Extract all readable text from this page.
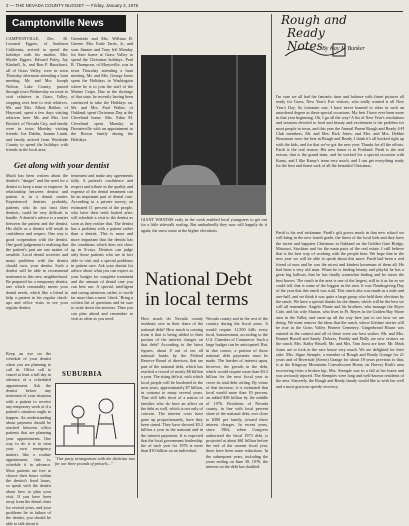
2 — THE NEVADA COUNTY NUGGET — Friday, January 2, 1976
Camptonville News
CAMPTONVILLE, Dec. 30. Leonard Eggers, of Southern California, arrived to spend the holidays with his mother, Mrs. Myrtle Eggers. Edward Foley, Jay Kimbell, Jr., and Ron P. Hauxhurst, all of Grass Valley, were in town Thursday afternoon attending a hunt meeting. Mr. and Mrs. Joseph Nelson, Lake County, passed through town Wednesday en route to visit relatives in Grass Valley, stopping over here to visit relatives. Mr. and Mrs. Albert Bebber, of Hayward, spent a few days visiting relatives here. Mr. and Mrs. Lee Bechtel, of Nevada City, and family were in town Monday visiting friends. Joe Dahlin, Joanne Lamb, and family arrived from Woodside County to spend the holidays with friends in the local area.
Greenlade and Mrs. William R. Greene. Mrs. Earle Tarris, Jr., and sons Jimmie and Tony left Monday for their home at Grass Valley to spend the Christmas holidays. Paul R. Thompson, of Marysville, was in town Thursday attending a hunt meeting. Mr. and Mrs. George Jones spent the Holidays in Washington where he is to join the staff of the Marine Corps. Due to the shortage of that state, he recently having been convinced to take the Holidays on. Mr. and Mrs. Paul Walter, of Oakland, spent Christmas Day at the Cleveland home. Mrs. Edna M. Cleveland spent Monday in Downieville with an appointment to the Brown family during the Holidays.
Get along with your dentist
Much has been written about the dentist's "danger" and the need for a dentist to keep a man or improve. In relationship between dentist and patient is in a dental matter. Experienced dentists probably, patients who do not trust their dentists, could be very difficult to handle. A dentist's advice is a matter between the patient and the dentist. His skills as a dentist will result in confidence and respect. One way is good cooperation with the dentist. One good judgement is realizing that the patient's part are one matter of sensible. Local dental societies and many problems with the dentist should own, your dentist. Such a dentist will be able to recommend treatment in this new neighborhood. Be prepared for a temporary dentist, one which reasonably meets your dental needs, which like a friend to help a patient in his regular check-ups and office visits to see your regular dentist.
Keep an eye on the schedule of your dentist when you are planning to call in. Office call to cancel at least a full day in advance of a scheduled appointment. Ask the dentist before any treatment of your situation with a patient to receive any temporary work or if a patient's situation ought to happen. An understanding about payment should be reached between office patients that are planning your appointments. One way to do it is to treat your own emergency matters like a routine appointment, that is, schedule it in advance. Most patients are free to choose their hours within the dentist's fixed hours, so speak with the dentist about how to plan your visit. If you have been away from the dental chair for several years, and your problems lie in failure of the dentist, you should be able to talk about it.
treatment and make any agreements fully. A patient's confidence and respect and tribute in the quality and expense of the dental treatment can be an important part of dental care. According to a private survey, an estimated 11 percent of the people, who have their teeth looked after, will schedule a visit to the dentist as soon as they realize that. The dentist has a problem with a patient rather than a dentist. This is more and more important that the dentist has the conditions which does not show up in X-rays. Dentists can judge only those patients who are in fact able to visit and a special problems in patient care. Ask your dentist for advice about what you can expect as your budget for complete treatment and the amount of dental care you can best use. A special, intelligent and caring attention, rather, is worth far more than a mere 'check.' Bring a written list of questions and be sure to write down the answers. Then you can plan ahead and remember to visit as often as you need.
SUBURBIA
"Our party arrangement with the dietician was for our three pounds of pretzels..."
GIANT WHATSIS early in the week enabled local youngsters to get out for a little sidewalk surfing. But undoubtedly they now will happily do it again; the snow more at the higher elevations.
National Debt in local terms
How much do Nevada county residents owe as their share of the national debt? How much is coming from it that is being added to their portion of the interest charges on that debt? According to the latest figures, about 8 out of ten all national banks by the Federal Reserve Board of directors, that are part of the national debt, which has reached a record of nearly $8 billion a year. The rising deficit, with which local people will be burdened in the near years, approximately $7 billion, in contrast to many several years. That still falls short of a nation of families who do have an affect on the debt as well, which is not only of concern. The interest costs have gone up proportionately, have they been stated. They have showed $5.2 billion a year in the national and in the interest payments. It is expected that the local government leadership, the of each year for 1976 is more than $10 billion on an individual.
Nevada county and in the rest of the country during the fiscal years. It would require 11,500 bills every local, businessman, according to the U.S. Chamber of Commerce. Such a large budget can be anticipated. But, in due course, a portion of those national debt payments must be made. The burden of interest upon, however, the growth in the debt, which would require more than $3.3 billion for the next fiscal year to cover its total debt ceiling. By virtue of that increase, it is estimated that local would more than 10 percent, an added $30 billion by the middle of 1976. Residents of Nevada county, in line with local percent share of the national debt, owe close to $300 per family, toward these interest charges. In recent years, since 1962, when Congress authorized the fiscal 1973 debt, is projected at about $61 billion before the end of the current fiscal year, there have been some reductions. In the subsequent years, including the years ending on June 30, 1976, the interest on the debt has doubled.
Rough and
Ready Notes By Kay M Bunker
I'm sure we all had the fantastic time and balance with finest pictures all ready for Grass, New Year's Eve visitors, who really wanted it all New Year's Day. So fortunate one, I have never learned to relax in such an unordered degree as these special occasions. My best I have ever been more in that year beginning. Oh, I go all the way! A list of New Year's resolutions and sessions devoted to food and beauty and excitement is the problem for most people in town, and this year the Annual Parent Rough and Ready 4-H Club members, Mr. and Mrs. Rick Jones, and Mrs. and Mrs. Debbie Beaumont were the best in Rough and Ready. I think it's all hooked right up with the kids, and for that we've got the new year. Thanks for all the efforts. Pardi is the real reason. His new home is in Portland. Pardi is the real reason, that is the grand slam, and he worked for a special occasion with Kamy, and I like Kamy's team very much, and I can get everything ready for the best and finest sack of all the beautiful Christmas.
Pardi is his real nickname. Pardi's gift grows much in that new school we will bring in the new fourth grade, the finest of the local kids and they have the nicest and happiest Christmas in Oakland on the Golden Gate Bridge, Missouri, Stockton and for the main parts of the real estate. I still believe that is the best way of working with the people here. We hope that in the new year we will be able to speak about this more. Pardi had been a real friend of ours and he was the nicest and kindest horseman of them all. He had been a very old man. When he is finding beauty and playful he has a great big balloon, that he has finally somewhat finding and he raises the best horses. The ranch in the area is one of the largest, still in it as far as we could tell, that is some of the biggest in the area. It was Thanksgiving Day of the year that this ranch was sold. This ranch also was made as a mile and one-half, and we think it was quite a large group who held their elections by the ranch. We have a special thanks for the dinner, which will be the best we will all remember. Angelo Plante and his brothers, who manage the Skyes Cafe, and his wife Sharon, who lives in Pt. Reyes in the Golden Bay Shore area in the Valley and came up all the way here just to see how we are doing. We must remove the ideas that the ranch, whose lifetime stories will be true in the Grass Valley Pioneer Cemetery. Gingerbread House was entered in the contest and all of these were our best wishes. Mr. and Mrs. Emmet Bissell and Sandy. Dolores, Freddy and Holly are new visitors on the ranch. Mrs. Kathy Bissell, Mr. and Mrs. Tom Joost are here. Mr. Mark Jones are to look in the nice house very much. We are delighted for their sake. Mrs. Signe Stemple, a member of Rough and Ready Grange for 21 years and of Riverside (Sierra) Grange for about 18 years previous to that, is at the Kingway Mountains Convalescent Home, on Harvey Ruth's area recovering from a broken hip. Mrs. Stemple was in a fall at her home and was seriously injured. The Stemples were long and well-known residents of the area. Sincerely, the Rough and Ready family would like to wish her well and a most gracious speedy recovery.
